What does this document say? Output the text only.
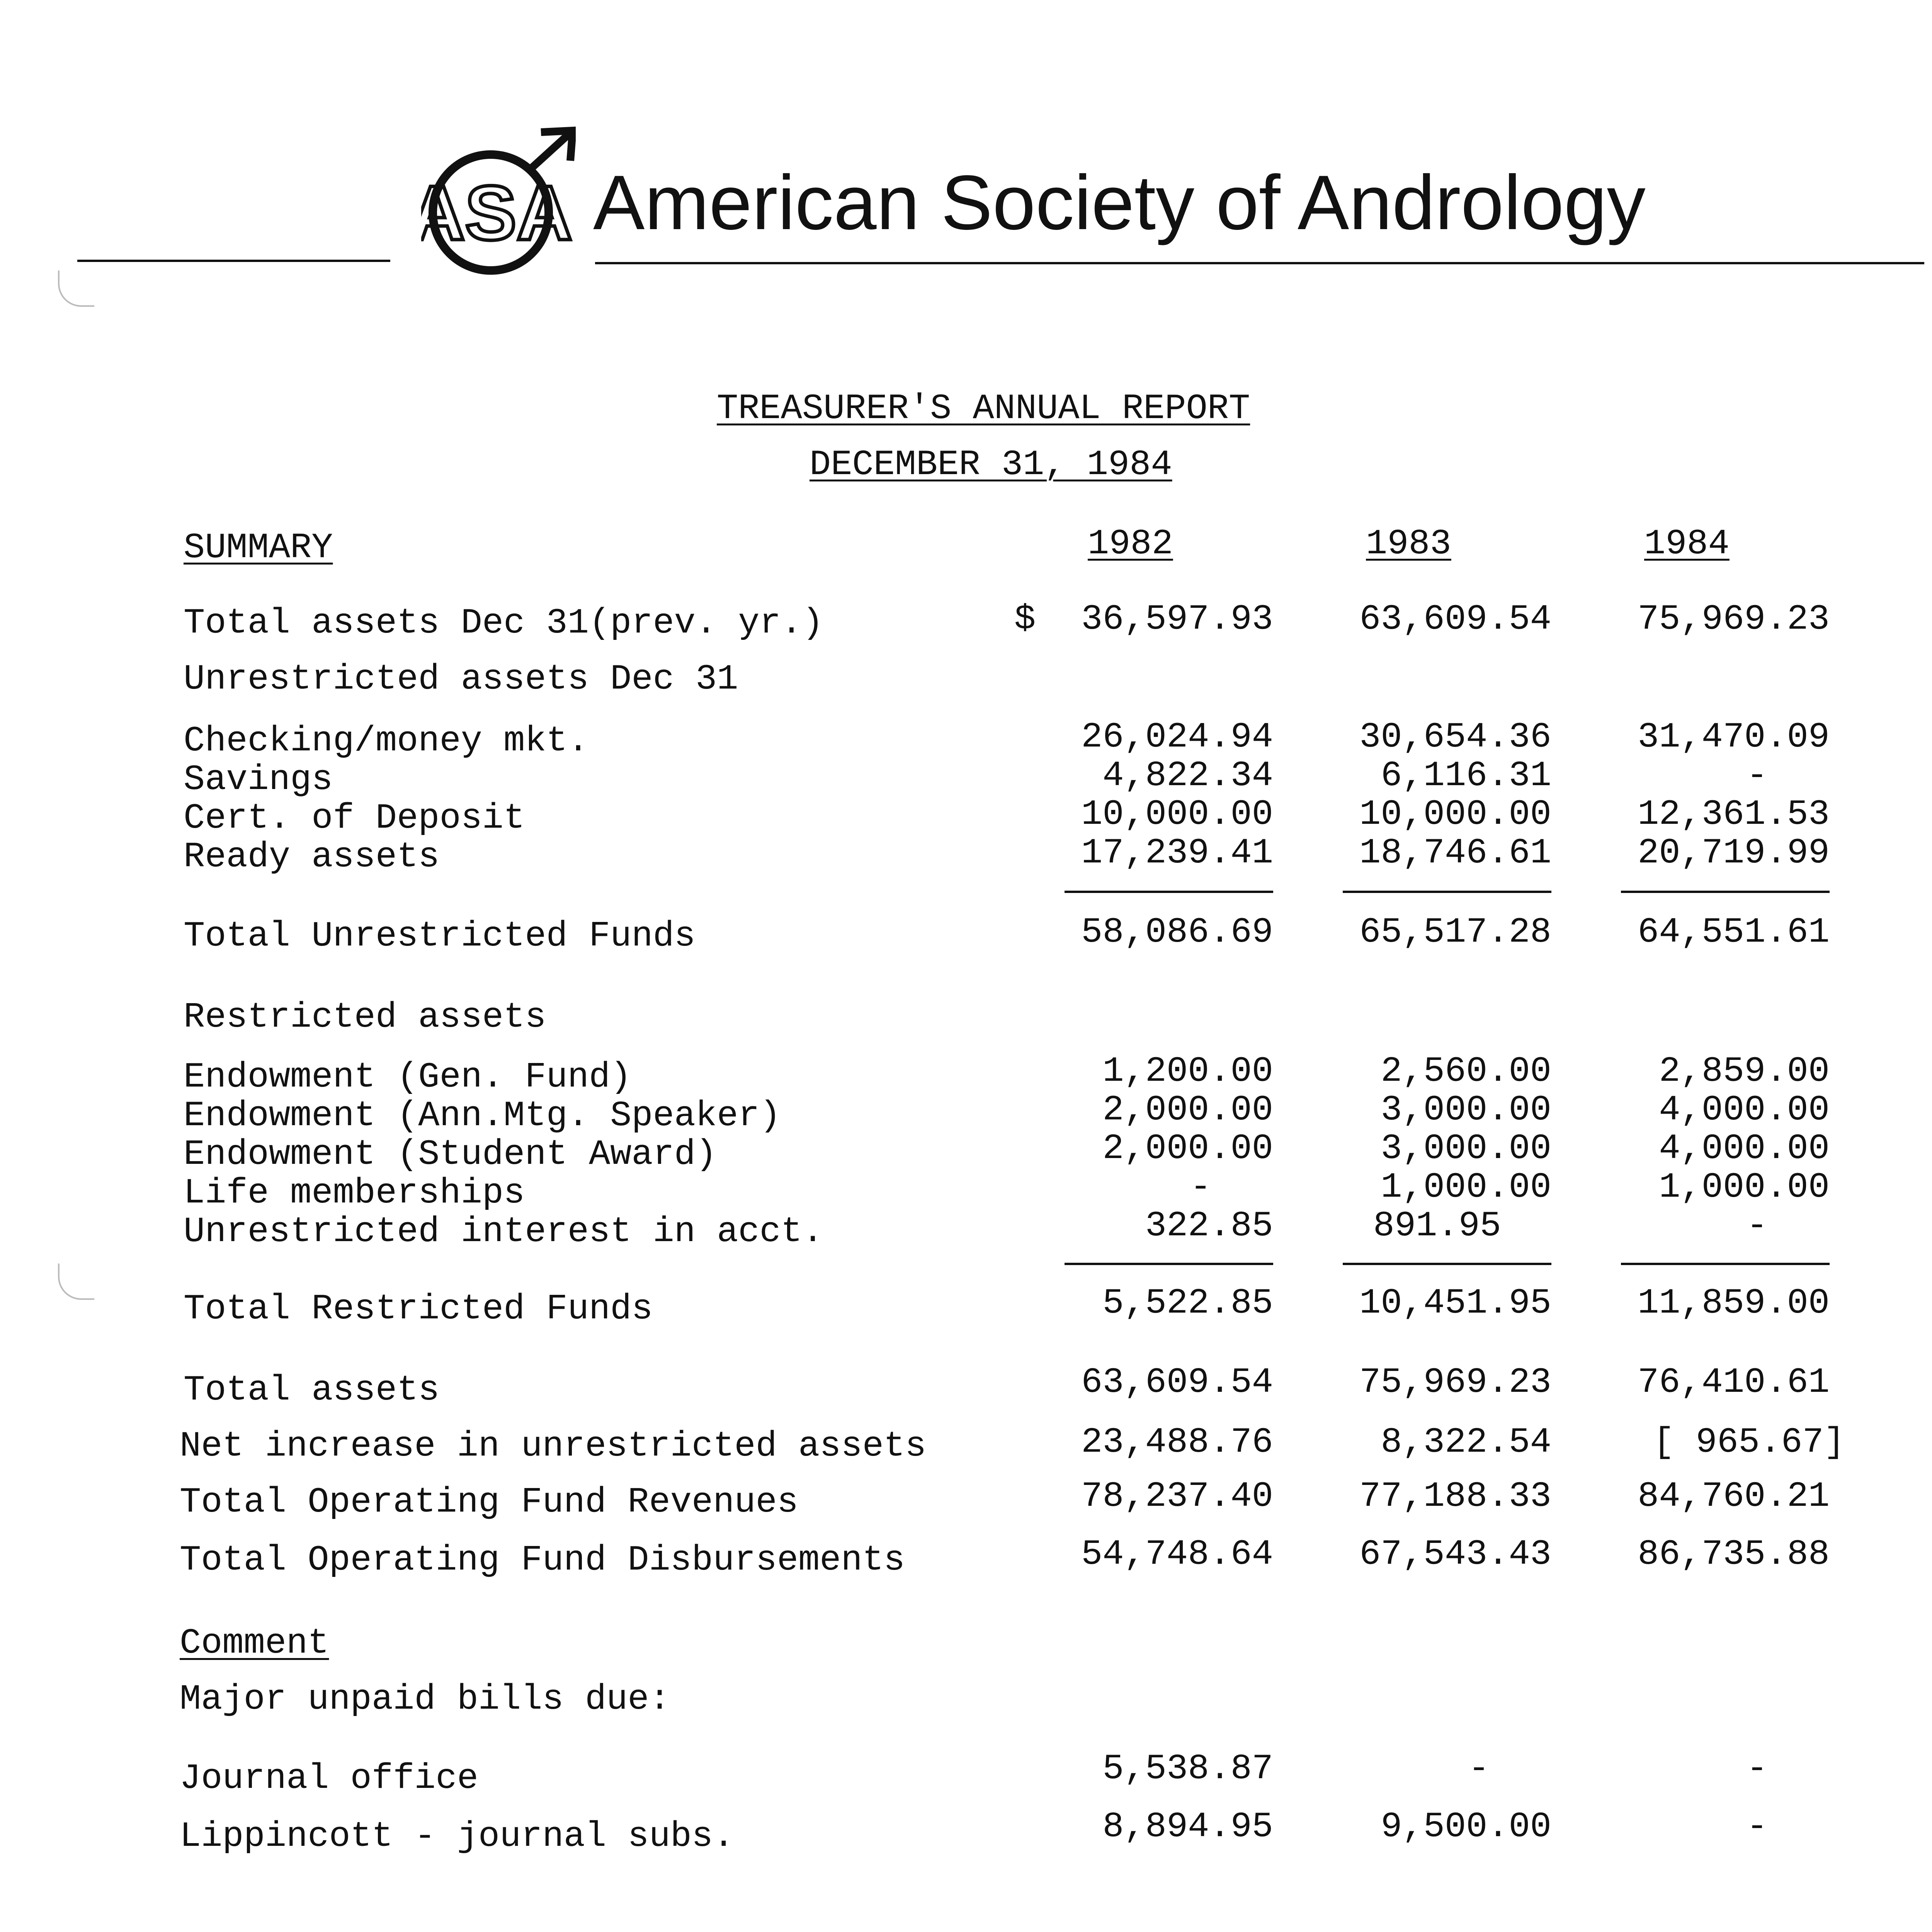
ASA American Society of Andrology
TREASURER'S ANNUAL REPORT
DECEMBER 31, 1984
SUMMARY	1982	1983	1984
Total assets Dec 31(prev. yr.)	$	36,597.93	63,609.54	75,969.23
Unrestricted assets Dec 31
Checking/money mkt.	26,024.94	30,654.36	31,470.09
Savings	4,822.34	6,116.31	-
Cert. of Deposit	10,000.00	10,000.00	12,361.53
Ready assets	17,239.41	18,746.61	20,719.99
Total Unrestricted Funds	58,086.69	65,517.28	64,551.61
Restricted assets
Endowment (Gen. Fund)	1,200.00	2,560.00	2,859.00
Endowment (Ann.Mtg. Speaker)	2,000.00	3,000.00	4,000.00
Endowment (Student Award)	2,000.00	3,000.00	4,000.00
Life memberships	-	1,000.00	1,000.00
Unrestricted interest in acct.	322.85	891.95	-
Total Restricted Funds	5,522.85	10,451.95	11,859.00
Total assets	63,609.54	75,969.23	76,410.61
Net increase in unrestricted assets	23,488.76	8,322.54	[ 965.67]
Total Operating Fund Revenues	78,237.40	77,188.33	84,760.21
Total Operating Fund Disbursements	54,748.64	67,543.43	86,735.88
Comment
Major unpaid bills due:
Journal office	5,538.87	-	-
Lippincott - journal subs.	8,894.95	9,500.00	-
